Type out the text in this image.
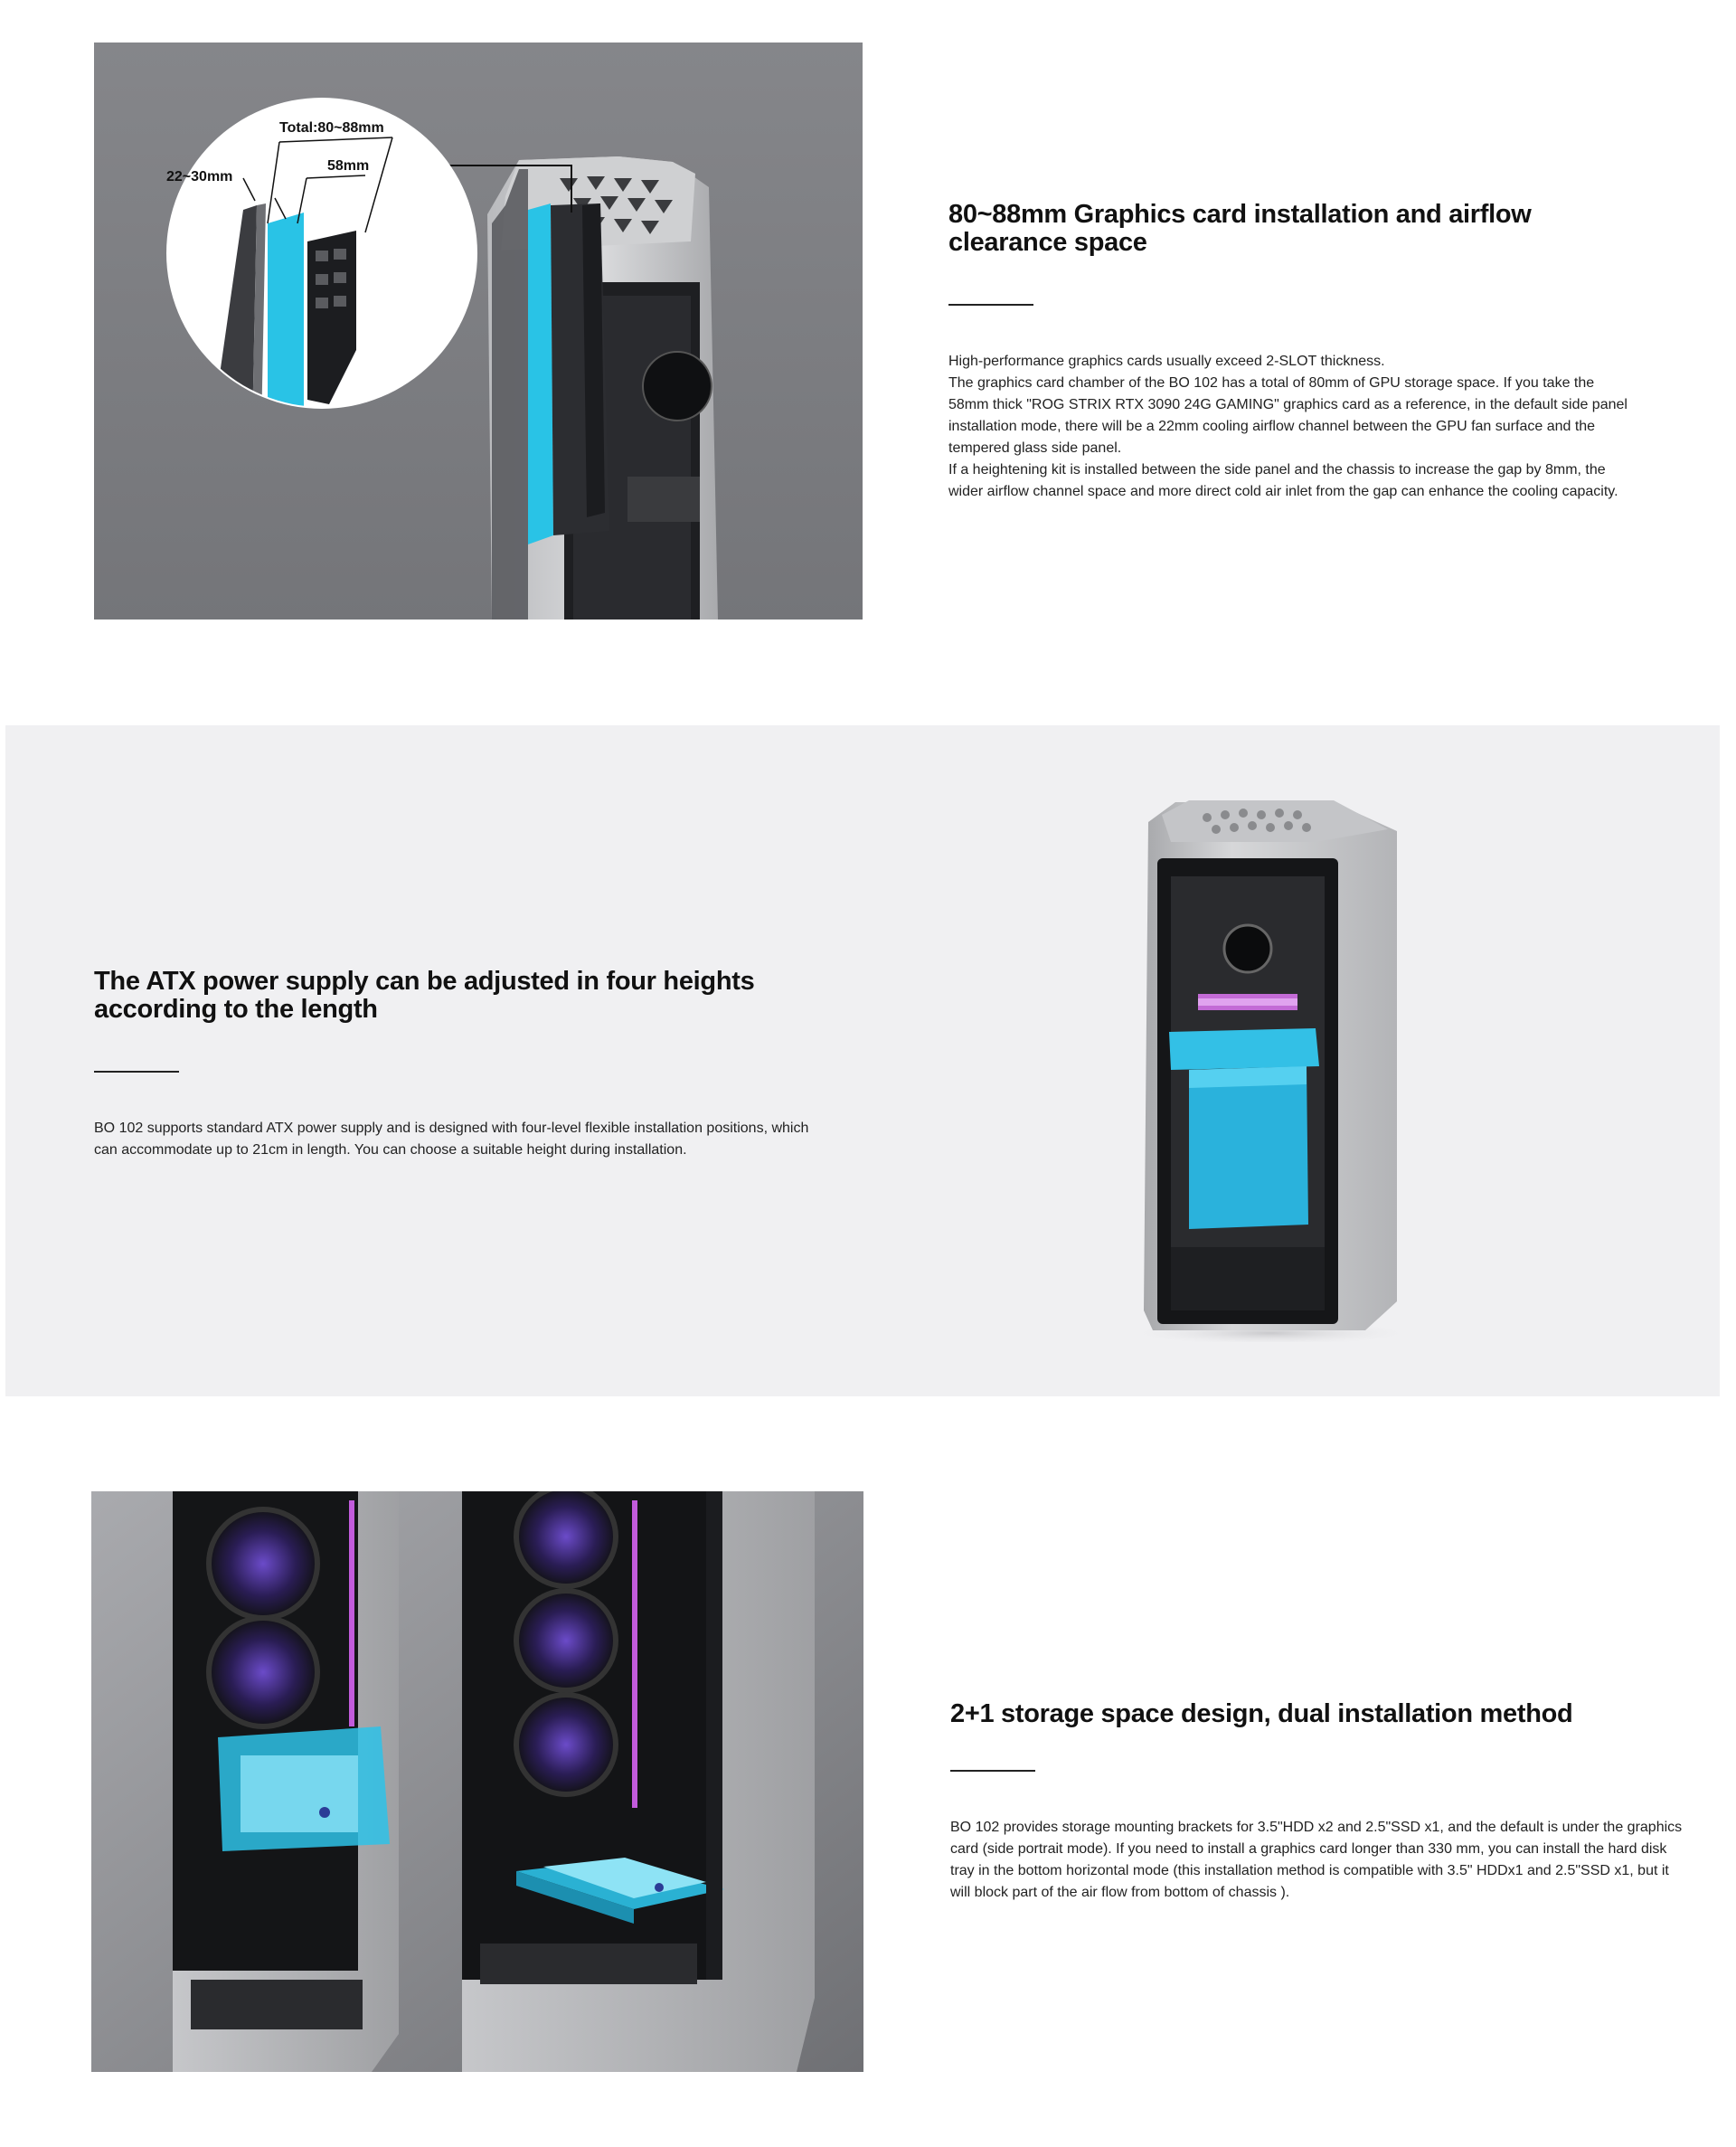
Total:80~88mm
22~30mm
58mm
80~88mm Graphics card installation and airflow
clearance space

High-performance graphics cards usually exceed 2-SLOT thickness.

The graphics card chamber of the BO 102 has a total of 80mm of GPU storage space. If you take the 58mm thick "ROG STRIX RTX 3090 24G GAMING" graphics card as a reference, in the default side panel installation mode, there will be a 22mm cooling airflow channel between the GPU fan surface and the tempered glass side panel.

If a heightening kit is installed between the side panel and the chassis to increase the gap by 8mm, the wider airflow channel space and more direct cold air inlet from the gap can enhance the cooling capacity.

The ATX power supply can be adjusted in four heights
according to the length

BO 102 supports standard ATX power supply and is designed with four-level flexible installation positions, which can accommodate up to 21cm in length. You can choose a suitable height during installation.

2+1 storage space design, dual installation method

BO 102 provides storage mounting brackets for 3.5"HDD x2 and 2.5"SSD x1, and the default is under the graphics card (side portrait mode). If you need to install a graphics card longer than 330 mm, you can install the hard disk tray in the bottom horizontal mode (this installation method is compatible with 3.5" HDDx1 and 2.5"SSD x1, but it will block part of the air flow from bottom of chassis ).
